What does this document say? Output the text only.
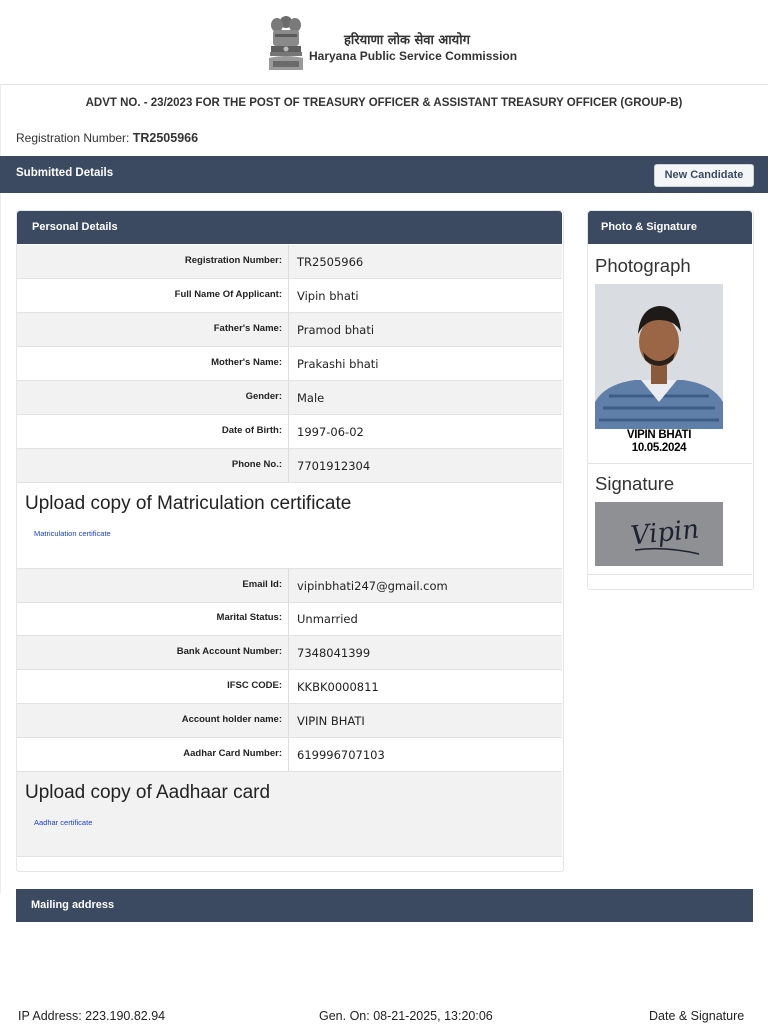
हरियाणा लोक सेवा आयोग
Haryana Public Service Commission
ADVT NO. - 23/2023 FOR THE POST OF TREASURY OFFICER & ASSISTANT TREASURY OFFICER (GROUP-B)
Registration Number: TR2505966
Submitted Details	New Candidate
Personal Details
Registration Number: TR2505966
Full Name Of Applicant: Vipin bhati
Father's Name: Pramod bhati
Mother's Name: Prakashi bhati
Gender: Male
Date of Birth: 1997-06-02
Phone No.: 7701912304
Upload copy of Matriculation certificate
Matriculation certificate
Email Id: vipinbhati247@gmail.com
Marital Status: Unmarried
Bank Account Number: 7348041399
IFSC CODE: KKBK0000811
Account holder name: VIPIN BHATI
Aadhar Card Number: 619996707103
Upload copy of Aadhaar card
Aadhar certificate
Photo & Signature
Photograph
VIPIN BHATI
10.05.2024
Signature
Vipin
Mailing address
IP Address: 223.190.82.94	Gen. On: 08-21-2025, 13:20:06	Date & Signature
